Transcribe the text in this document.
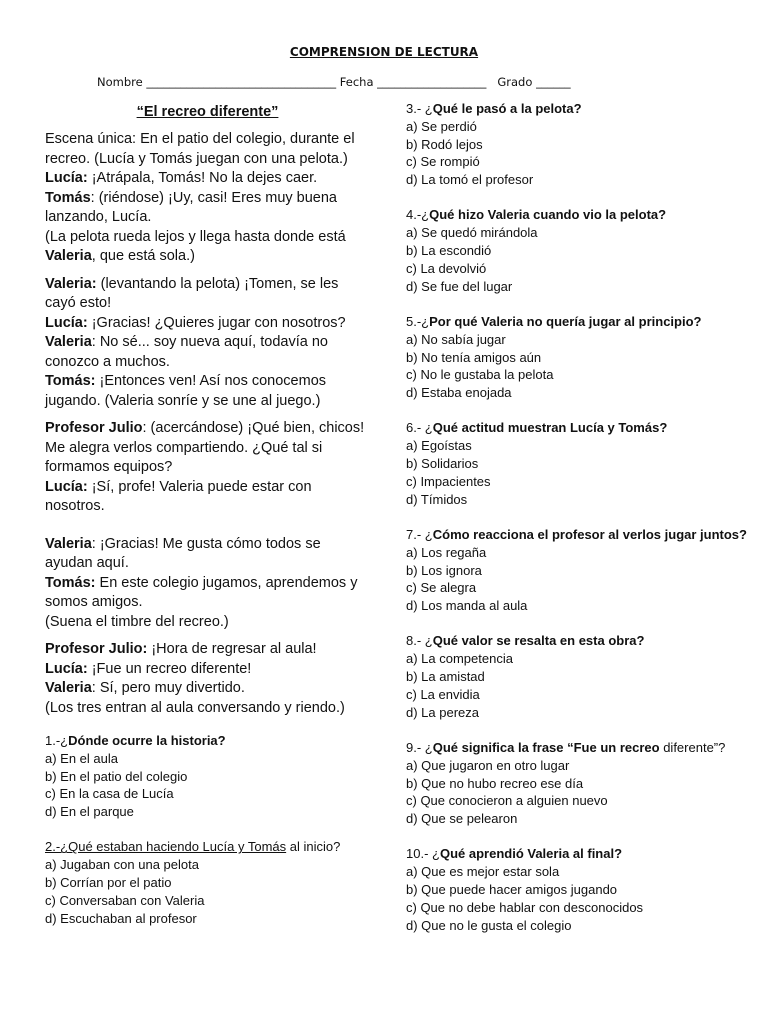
COMPRENSION DE LECTURA
Nombre _________________________________ Fecha ___________________ Grado ______
“El recreo diferente”

Escena única: En el patio del colegio, durante el recreo. (Lucía y Tomás juegan con una pelota.)

Lucía: ¡Atrápala, Tomás! No la dejes caer.

Tomás: (riéndose) ¡Uy, casi! Eres muy buena lanzando, Lucía.

(La pelota rueda lejos y llega hasta donde está Valeria, que está sola.)

Valeria: (levantando la pelota) ¡Tomen, se les cayó esto!

Lucía: ¡Gracias! ¿Quieres jugar con nosotros?

Valeria: No sé... soy nueva aquí, todavía no conozco a muchos.

Tomás: ¡Entonces ven! Así nos conocemos jugando. (Valeria sonríe y se une al juego.)

Profesor Julio: (acercándose) ¡Qué bien, chicos! Me alegra verlos compartiendo. ¿Qué tal si formamos equipos?

Lucía: ¡Sí, profe! Valeria puede estar con nosotros.

Valeria: ¡Gracias! Me gusta cómo todos se ayudan aquí.

Tomás: En este colegio jugamos, aprendemos y somos amigos.

(Suena el timbre del recreo.)

Profesor Julio: ¡Hora de regresar al aula!

Lucía: ¡Fue un recreo diferente!

Valeria: Sí, pero muy divertido.

(Los tres entran al aula conversando y riendo.)

1.-¿Dónde ocurre la historia?

a) En el aula

b) En el patio del colegio

c) En la casa de Lucía

d) En el parque

2.-¿Qué estaban haciendo Lucía y Tomás al inicio?

a) Jugaban con una pelota

b) Corrían por el patio

c) Conversaban con Valeria

d) Escuchaban al profesor

3.- ¿Qué le pasó a la pelota?

a) Se perdió

b) Rodó lejos

c) Se rompió

d) La tomó el profesor

4.-¿Qué hizo Valeria cuando vio la pelota?

a) Se quedó mirándola

b) La escondió

c) La devolvió

d) Se fue del lugar

5.-¿Por qué Valeria no quería jugar al principio?

a) No sabía jugar

b) No tenía amigos aún

c) No le gustaba la pelota

d) Estaba enojada

6.- ¿Qué actitud muestran Lucía y Tomás?

a) Egoístas

b) Solidarios

c) Impacientes

d) Tímidos

7.- ¿Cómo reacciona el profesor al verlos jugar juntos?

a) Los regaña

b) Los ignora

c) Se alegra

d) Los manda al aula

8.- ¿Qué valor se resalta en esta obra?

a) La competencia

b) La amistad

c) La envidia

d) La pereza

9.- ¿Qué significa la frase “Fue un recreo diferente”?

a) Que jugaron en otro lugar

b) Que no hubo recreo ese día

c) Que conocieron a alguien nuevo

d) Que se pelearon

10.- ¿Qué aprendió Valeria al final?

a) Que es mejor estar sola

b) Que puede hacer amigos jugando

c) Que no debe hablar con desconocidos

d) Que no le gusta el colegio
